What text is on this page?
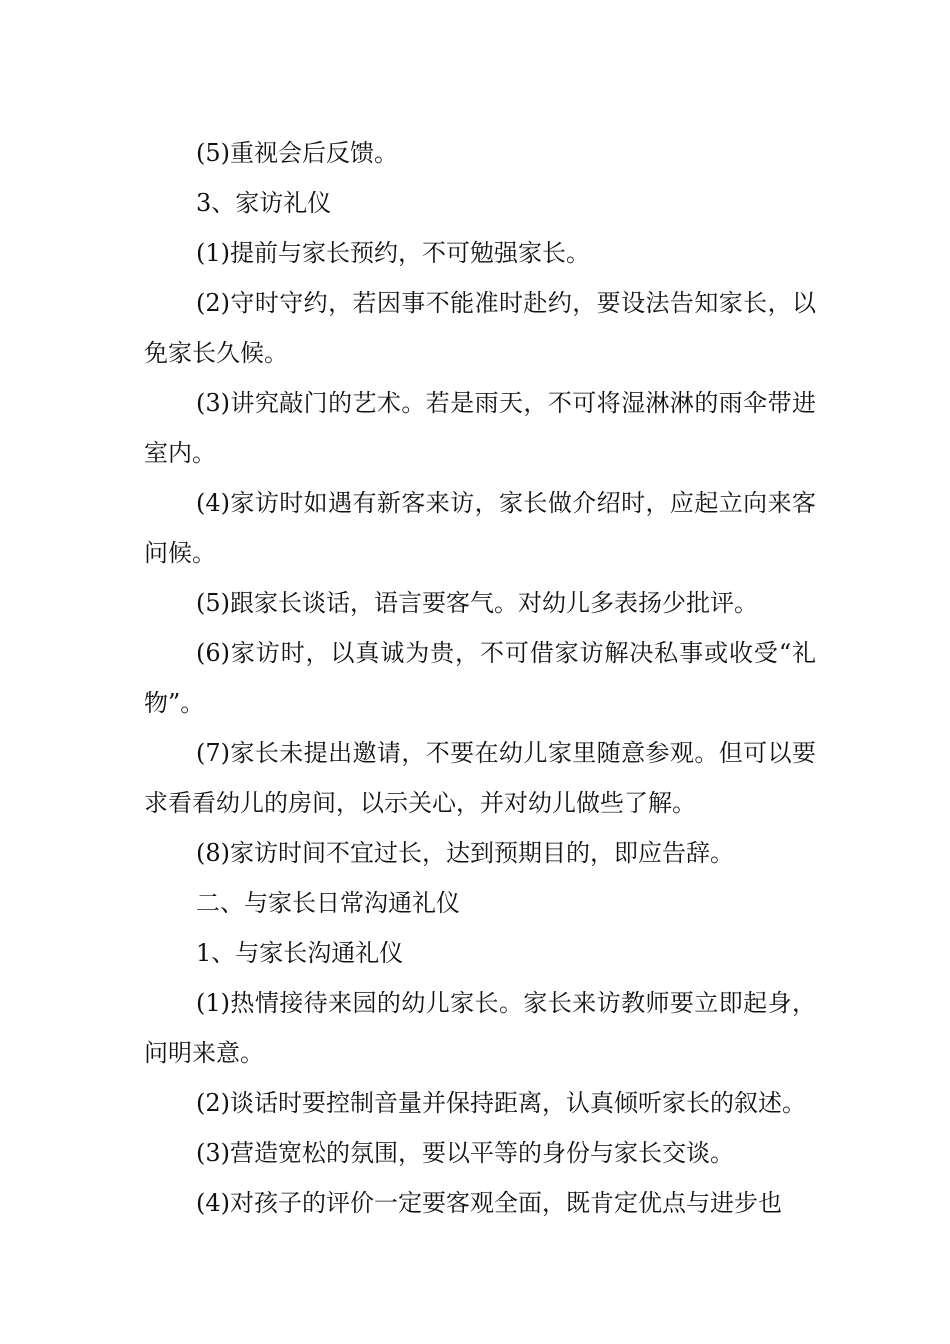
(5)重视会后反馈。

3、家访礼仪

(1)提前与家长预约，不可勉强家长。

(2)守时守约，若因事不能准时赴约，要设法告知家长，以免家长久候。

(3)讲究敲门的艺术。若是雨天，不可将湿淋淋的雨伞带进室内。

(4)家访时如遇有新客来访，家长做介绍时，应起立向来客问候。

(5)跟家长谈话，语言要客气。对幼儿多表扬少批评。

(6)家访时，以真诚为贵，不可借家访解决私事或收受“礼物”。

(7)家长未提出邀请，不要在幼儿家里随意参观。但可以要求看看幼儿的房间，以示关心，并对幼儿做些了解。

(8)家访时间不宜过长，达到预期目的，即应告辞。

二、与家长日常沟通礼仪

1、与家长沟通礼仪

(1)热情接待来园的幼儿家长。家长来访教师要立即起身，问明来意。

(2)谈话时要控制音量并保持距离，认真倾听家长的叙述。

(3)营造宽松的氛围，要以平等的身份与家长交谈。

(4)对孩子的评价一定要客观全面，既肯定优点与进步也
